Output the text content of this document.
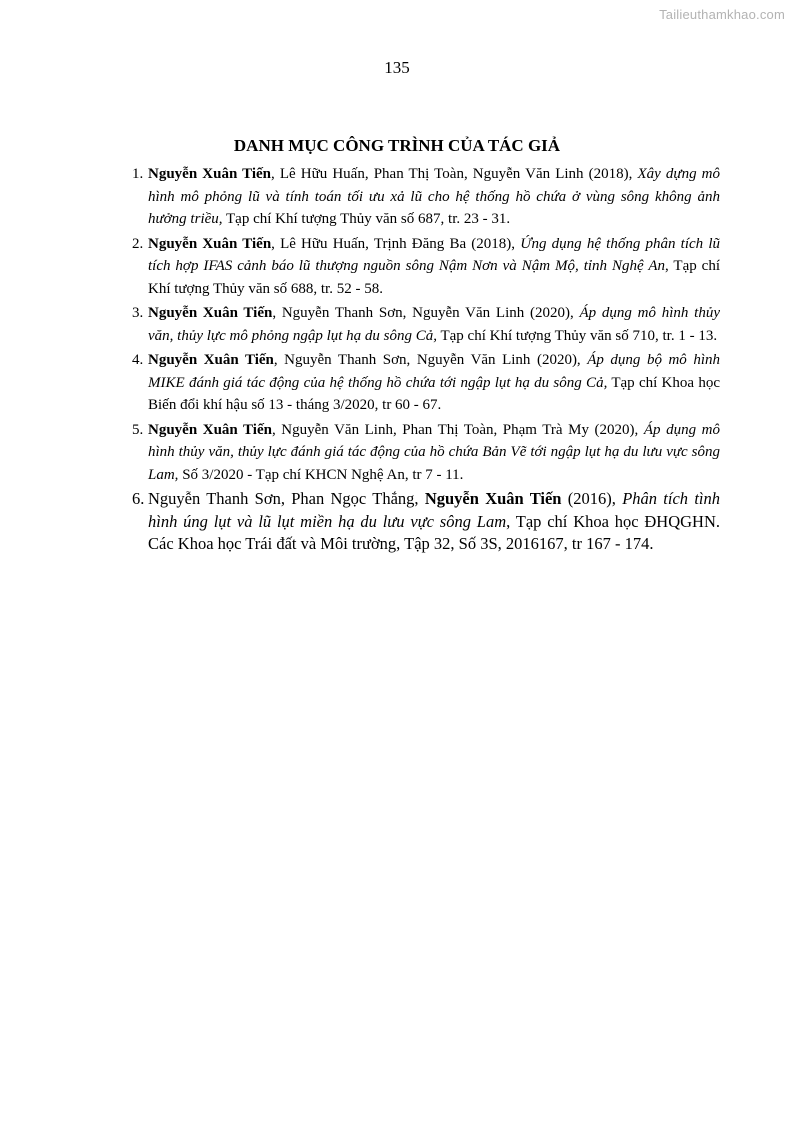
Tailieuthamkhao.com
135
DANH MỤC CÔNG TRÌNH CỦA TÁC GIẢ

1. Nguyễn Xuân Tiến, Lê Hữu Huấn, Phan Thị Toàn, Nguyễn Văn Linh (2018), Xây dựng mô hình mô phỏng lũ và tính toán tối ưu xả lũ cho hệ thống hồ chứa ở vùng sông không ảnh hưởng triều, Tạp chí Khí tượng Thủy văn số 687, tr. 23 - 31.

2. Nguyễn Xuân Tiến, Lê Hữu Huấn, Trịnh Đăng Ba (2018), Ứng dụng hệ thống phân tích lũ tích hợp IFAS cảnh báo lũ thượng nguồn sông Nậm Nơn và Nậm Mộ, tỉnh Nghệ An, Tạp chí Khí tượng Thủy văn số 688, tr. 52 - 58.

3. Nguyễn Xuân Tiến, Nguyễn Thanh Sơn, Nguyễn Văn Linh (2020), Áp dụng mô hình thủy văn, thủy lực mô phỏng ngập lụt hạ du sông Cả, Tạp chí Khí tượng Thủy văn số 710, tr. 1 - 13.

4. Nguyễn Xuân Tiến, Nguyễn Thanh Sơn, Nguyễn Văn Linh (2020), Áp dụng bộ mô hình MIKE đánh giá tác động của hệ thống hồ chứa tới ngập lụt hạ du sông Cả, Tạp chí Khoa học Biến đổi khí hậu số 13 - tháng 3/2020, tr 60 - 67.

5. Nguyễn Xuân Tiến, Nguyễn Văn Linh, Phan Thị Toàn, Phạm Trà My (2020), Áp dụng mô hình thủy văn, thủy lực đánh giá tác động của hồ chứa Bản Vẽ tới ngập lụt hạ du lưu vực sông Lam, Số 3/2020 - Tạp chí KHCN Nghệ An, tr 7 - 11.

6. Nguyễn Thanh Sơn, Phan Ngọc Thắng, Nguyễn Xuân Tiến (2016), Phân tích tình hình úng lụt và lũ lụt miền hạ du lưu vực sông Lam, Tạp chí Khoa học ĐHQGHN. Các Khoa học Trái đất và Môi trường, Tập 32, Số 3S, 2016167, tr 167 - 174.
